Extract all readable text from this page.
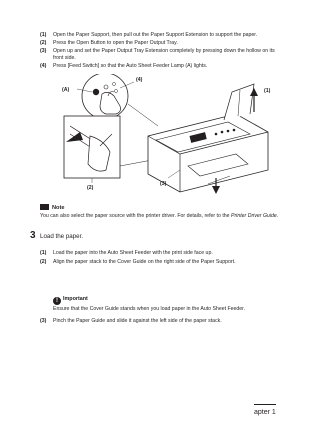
(1) Open the Paper Support, then pull out the Paper Support Extension to support the paper.
(2) Press the Open Button to open the Paper Output Tray.
(3) Open up and set the Paper Output Tray Extension completely by pressing down the hollow on its front side.
(4) Press [Feed Switch] so that the Auto Sheet Feeder Lamp (A) lights.
(A)
(4)
(1)
(2)
(3)
Note
You can also select the paper source with the printer driver. For details, refer to the Printer Driver Guide.
3 Load the paper.
(1) Load the paper into the Auto Sheet Feeder with the print side face up.
(2) Align the paper stack to the Cover Guide on the right side of the Paper Support.
! Important
Ensure that the Cover Guide stands when you load paper in the Auto Sheet Feeder.
(3) Pinch the Paper Guide and slide it against the left side of the paper stack.
apter 1
